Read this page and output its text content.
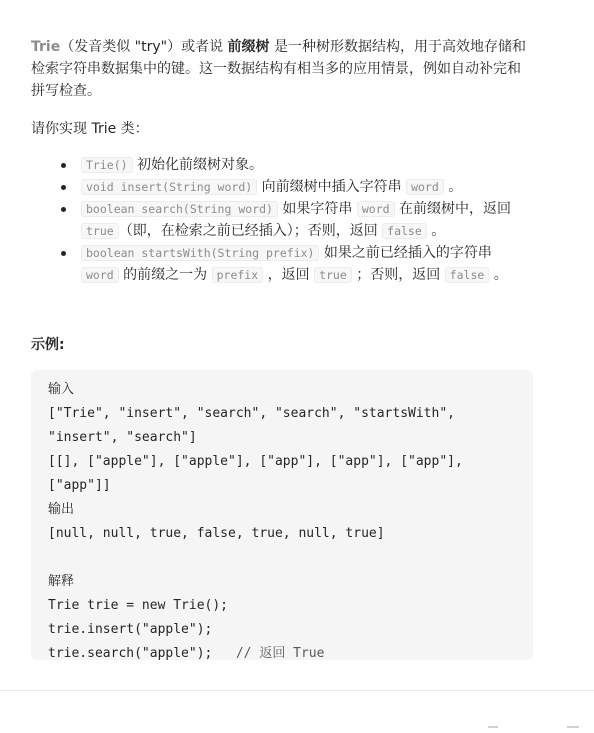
Trie（发音类似 "try"）或者说 前缀树 是一种树形数据结构，用于高效地存储和检索字符串数据集中的键。这一数据结构有相当多的应用情景，例如自动补完和拼写检查。

请你实现 Trie 类：

Trie() 初始化前缀树对象。
void insert(String word) 向前缀树中插入字符串 word 。
boolean search(String word) 如果字符串 word 在前缀树中，返回 true （即，在检索之前已经插入）；否则，返回 false 。
boolean startsWith(String prefix) 如果之前已经插入的字符串 word 的前缀之一为 prefix ，返回 true ；否则，返回 false 。
示例:
输入
["Trie", "insert", "search", "search", "startsWith",
"insert", "search"]
[[], ["apple"], ["apple"], ["app"], ["app"], ["app"],
["app"]]
输出
[null, null, true, false, true, null, true]

解释
Trie trie = new Trie();
trie.insert("apple");
trie.search("apple");   // 返回 True
